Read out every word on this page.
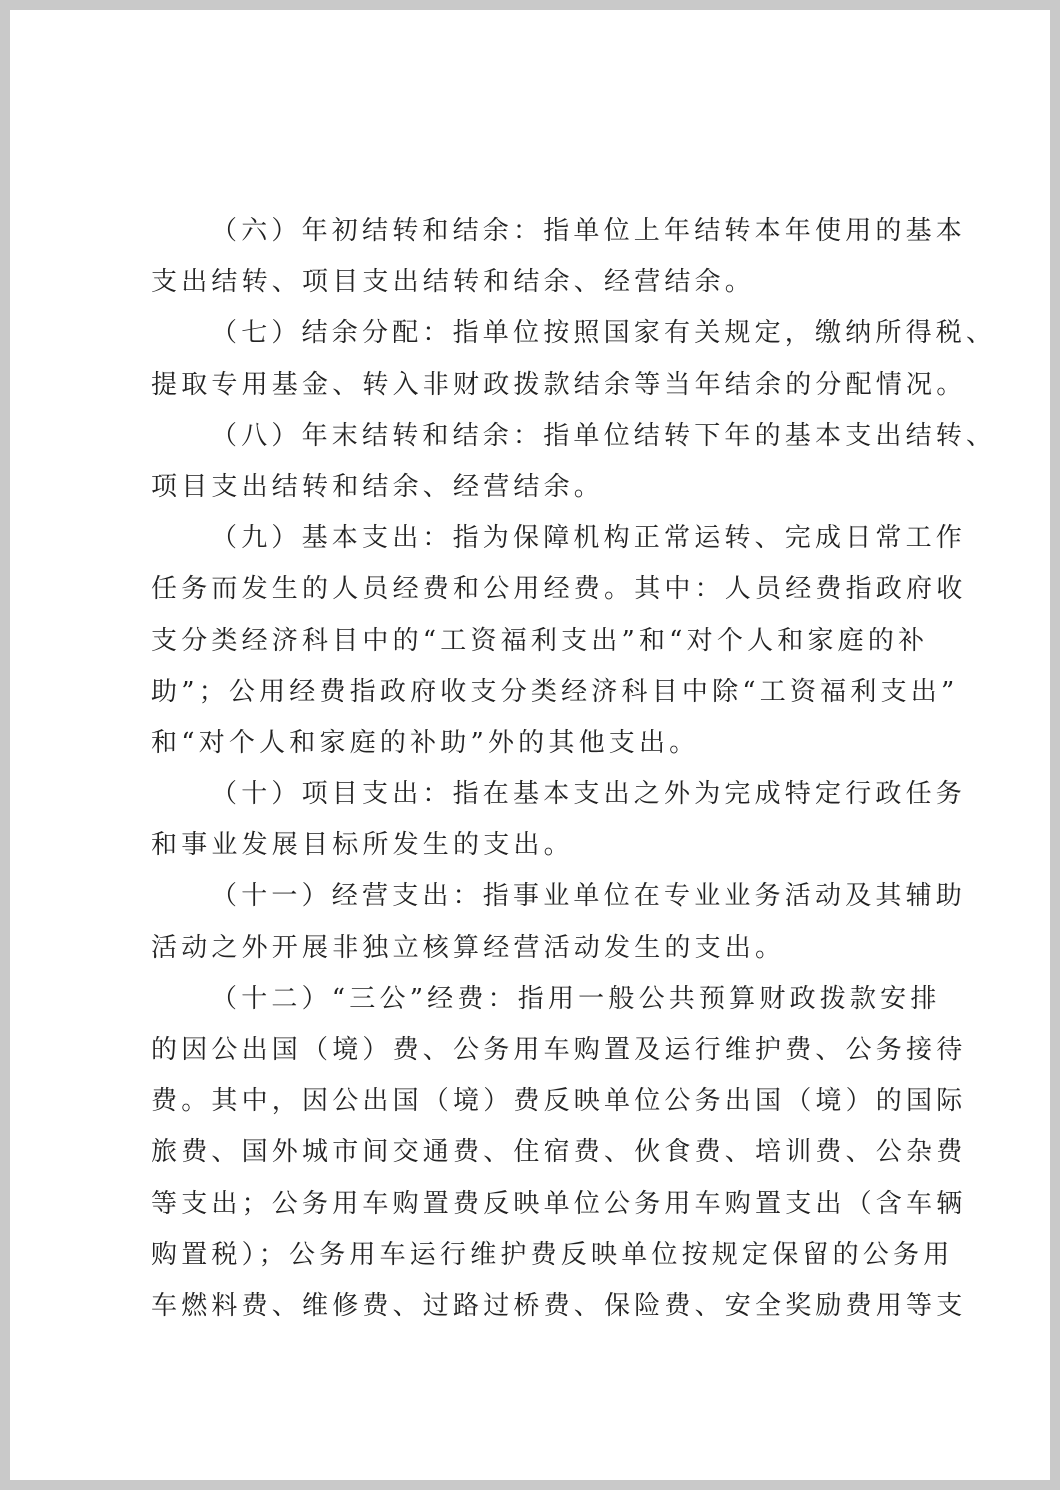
（六）年初结转和结余：指单位上年结转本年使用的基本
支出结转、项目支出结转和结余、经营结余。
（七）结余分配：指单位按照国家有关规定，缴纳所得税、
提取专用基金、转入非财政拨款结余等当年结余的分配情况。
（八）年末结转和结余：指单位结转下年的基本支出结转、
项目支出结转和结余、经营结余。
（九）基本支出：指为保障机构正常运转、完成日常工作
任务而发生的人员经费和公用经费。其中：人员经费指政府收
支分类经济科目中的“工资福利支出”和“对个人和家庭的补
助”；公用经费指政府收支分类经济科目中除“工资福利支出”
和“对个人和家庭的补助”外的其他支出。
（十）项目支出：指在基本支出之外为完成特定行政任务
和事业发展目标所发生的支出。
（十一）经营支出：指事业单位在专业业务活动及其辅助
活动之外开展非独立核算经营活动发生的支出。
（十二）“三公”经费：指用一般公共预算财政拨款安排
的因公出国（境）费、公务用车购置及运行维护费、公务接待
费。其中，因公出国（境）费反映单位公务出国（境）的国际
旅费、国外城市间交通费、住宿费、伙食费、培训费、公杂费
等支出；公务用车购置费反映单位公务用车购置支出（含车辆
购置税）；公务用车运行维护费反映单位按规定保留的公务用
车燃料费、维修费、过路过桥费、保险费、安全奖励费用等支
